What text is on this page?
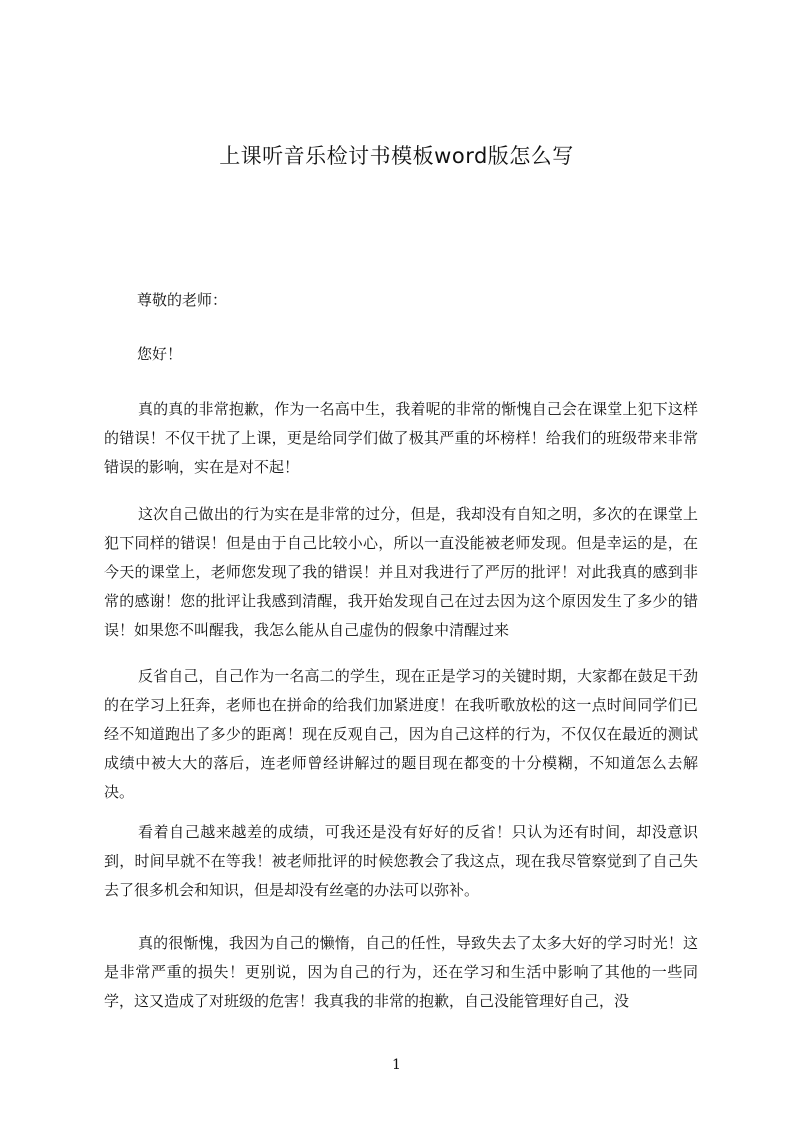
上课听音乐检讨书模板word版怎么写
尊敬的老师：
您好！

真的真的非常抱歉，作为一名高中生，我着呢的非常的惭愧自己会在课堂上犯下这样的错误！不仅干扰了上课，更是给同学们做了极其严重的坏榜样！给我们的班级带来非常错误的影响，实在是对不起！

这次自己做出的行为实在是非常的过分，但是，我却没有自知之明，多次的在课堂上犯下同样的错误！但是由于自己比较小心，所以一直没能被老师发现。但是幸运的是，在今天的课堂上，老师您发现了我的错误！并且对我进行了严厉的批评！对此我真的感到非常的感谢！您的批评让我感到清醒，我开始发现自己在过去因为这个原因发生了多少的错误！如果您不叫醒我，我怎么能从自己虚伪的假象中清醒过来

反省自己，自己作为一名高二的学生，现在正是学习的关键时期，大家都在鼓足干劲的在学习上狂奔，老师也在拼命的给我们加紧进度！在我听歌放松的这一点时间同学们已经不知道跑出了多少的距离！现在反观自己，因为自己这样的行为，不仅仅在最近的测试成绩中被大大的落后，连老师曾经讲解过的题目现在都变的十分模糊，不知道怎么去解决。

看着自己越来越差的成绩，可我还是没有好好的反省！只认为还有时间，却没意识到，时间早就不在等我！被老师批评的时候您教会了我这点，现在我尽管察觉到了自己失去了很多机会和知识，但是却没有丝毫的办法可以弥补。

真的很惭愧，我因为自己的懒惰，自己的任性，导致失去了太多大好的学习时光！这是非常严重的损失！更别说，因为自己的行为，还在学习和生活中影响了其他的一些同学，这又造成了对班级的危害！我真我的非常的抱歉，自己没能管理好自己，没

1
